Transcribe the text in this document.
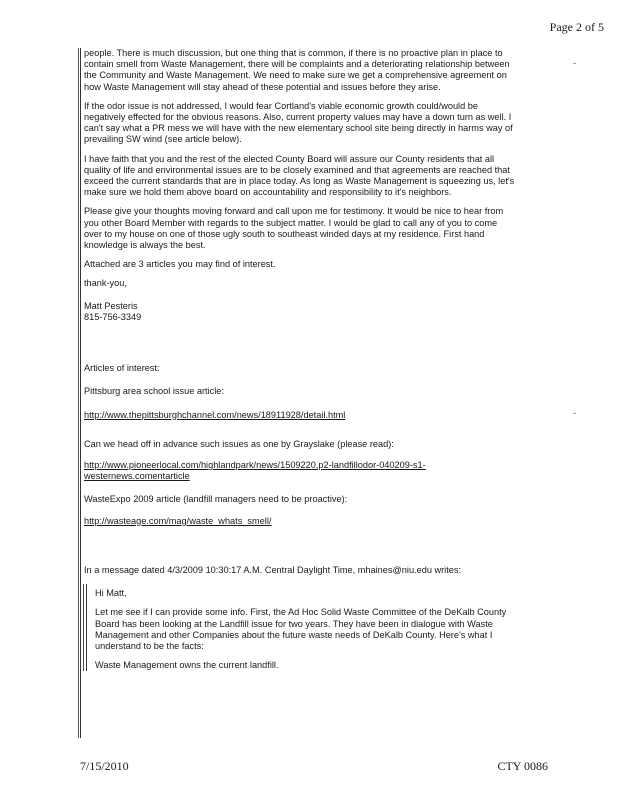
Page 2 of 5
-
-

people. There is much discussion, but one thing that is common, if there is no proactive plan in place to contain smell from Waste Management, there will be complaints and a deteriorating relationship between the Community and Waste Management. We need to make sure we get a comprehensive agreement on how Waste Management will stay ahead of these potential and issues before they arise.

If the odor issue is not addressed, I would fear Cortland's viable economic growth could/would be negatively effected for the obvious reasons. Also, current property values may have a down turn as well. I can't say what a PR mess we will have with the new elementary school site being directly in harms way of prevailing SW wind (see article below).

I have faith that you and the rest of the elected County Board will assure our County residents that all quality of life and environmental issues are to be closely examined and that agreements are reached that exceed the current standards that are in place today. As long as Waste Management is squeezing us, let's make sure we hold them above board on accountability and responsibility to it's neighbors.

Please give your thoughts moving forward and call upon me for testimony. It would be nice to hear from you other Board Member with regards to the subject matter. I would be glad to call any of you to come over to my house on one of those ugly south to southeast winded days at my residence. First hand knowledge is always the best.

Attached are 3 articles you may find of interest.

thank-you,

Matt Pesteris
815-756-3349

Articles of interest:

Pittsburg area school issue article:

http://www.thepittsburghchannel.com/news/18911928/detail.html

Can we head off in advance such issues as one by Grayslake (please read):

http://www.pioneerlocal.com/highlandpark/news/1509220,p2-landfillodor-040209-s1-westernews.comentarticle

WasteExpo 2009 article (landfill managers need to be proactive):

http://wasteage.com/mag/waste_whats_smell/

In a message dated 4/3/2009 10:30:17 A.M. Central Daylight Time, mhaines@niu.edu writes:

Hi Matt,

Let me see if I can provide some info. First, the Ad Hoc Solid Waste Committee of the DeKalb County Board has been looking at the Landfill issue for two years. They have been in dialogue with Waste Management and other Companies about the future waste needs of DeKalb County. Here's what I understand to be the facts:

Waste Management owns the current landfill.

7/15/2010	CTY 0086
